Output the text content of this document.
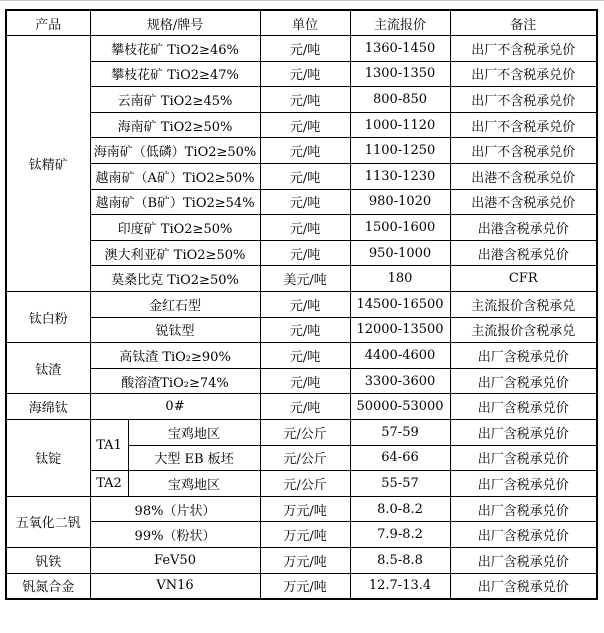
产品	规格/牌号		单位	主流报价	备注
钛精矿	攀枝花矿 TiO2≥46%		元/吨	1360-1450	出厂不含税承兑价
	攀枝花矿 TiO2≥47%		元/吨	1300-1350	出厂不含税承兑价
	云南矿 TiO2≥45%		元/吨	800-850	出厂不含税承兑价
	海南矿 TiO2≥50%		元/吨	1000-1120	出厂不含税承兑价
	海南矿（低磷）TiO2≥50%		元/吨	1100-1250	出厂不含税承兑价
	越南矿（A矿）TiO2≥50%		元/吨	1130-1230	出港不含税承兑价
	越南矿（B矿）TiO2≥54%		元/吨	980-1020	出港不含税承兑价
	印度矿 TiO2≥50%		元/吨	1500-1600	出港含税承兑价
	澳大利亚矿 TiO2≥50%		元/吨	950-1000	出港含税承兑价
	莫桑比克 TiO2≥50%		美元/吨	180	CFR
钛白粉	金红石型		元/吨	14500-16500	主流报价含税承兑
	锐钛型		元/吨	12000-13500	主流报价含税承兑
钛渣	高钛渣 TiO₂≥90%		元/吨	4400-4600	出厂含税承兑价
	酸溶渣TiO₂≥74%		元/吨	3300-3600	出厂含税承兑价
海绵钛	0#		元/吨	50000-53000	出厂含税承兑价
钛锭	TA1	宝鸡地区	元/公斤	57-59	出厂含税承兑价
		大型 EB 板坯	元/公斤	64-66	出厂含税承兑价
	TA2	宝鸡地区	元/公斤	55-57	出厂含税承兑价
五氧化二钒	98%（片状）		万元/吨	8.0-8.2	出厂含税承兑价
	99%（粉状）		万元/吨	7.9-8.2	出厂含税承兑价
钒铁	FeV50		万元/吨	8.5-8.8	出厂含税承兑价
钒氮合金	VN16		万元/吨	12.7-13.4	出厂含税承兑价
